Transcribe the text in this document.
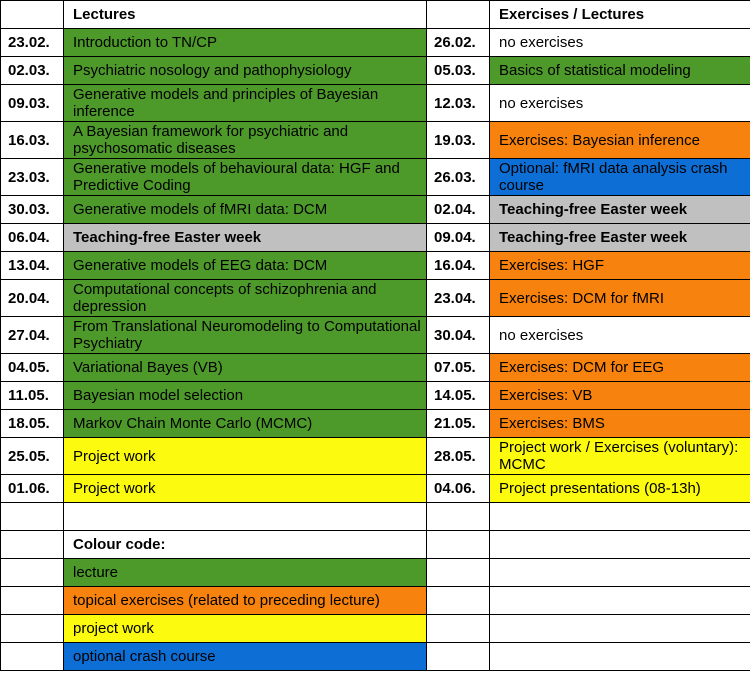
	Lectures		Exercises / Lectures
23.02.	Introduction to TN/CP	26.02.	no exercises
02.03.	Psychiatric nosology and pathophysiology	05.03.	Basics of statistical modeling
09.03.	Generative models and principles of Bayesian inference	12.03.	no exercises
16.03.	A Bayesian framework for psychiatric and psychosomatic diseases	19.03.	Exercises: Bayesian inference
23.03.	Generative models of behavioural data: HGF and Predictive Coding	26.03.	Optional: fMRI data analysis crash course
30.03.	Generative models of fMRI data: DCM	02.04.	Teaching-free Easter week
06.04.	Teaching-free Easter week	09.04.	Teaching-free Easter week
13.04.	Generative models of EEG data: DCM	16.04.	Exercises: HGF
20.04.	Computational concepts of schizophrenia and depression	23.04.	Exercises: DCM for fMRI
27.04.	From Translational Neuromodeling to Computational Psychiatry	30.04.	no exercises
04.05.	Variational Bayes (VB)	07.05.	Exercises: DCM for EEG
11.05.	Bayesian model selection	14.05.	Exercises: VB
18.05.	Markov Chain Monte Carlo (MCMC)	21.05.	Exercises: BMS
25.05.	Project work	28.05.	Project work / Exercises (voluntary): MCMC
01.06.	Project work	04.06.	Project presentations (08-13h)

	Colour code:		
	lecture		
	topical exercises (related to preceding lecture)		
	project work		
	optional crash course		
